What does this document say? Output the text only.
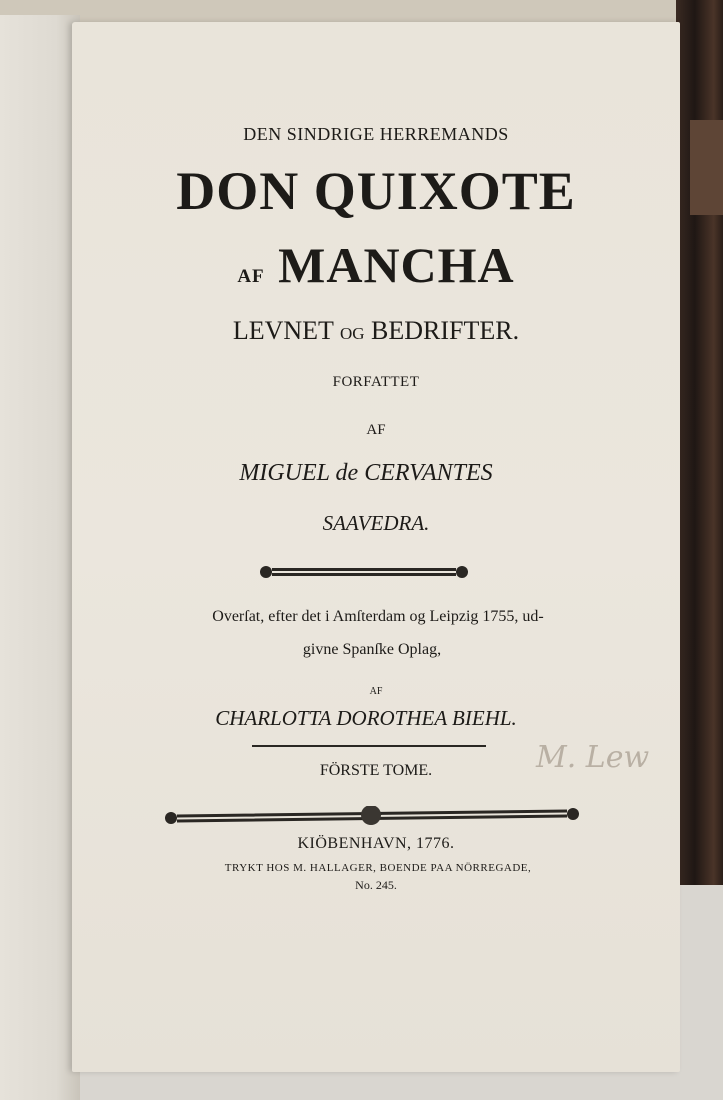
DEN SINDRIGE HERREMANDS
DON QUIXOTE
AF MANCHA
LEVNET OG BEDRIFTER.
FORFATTET
AF
MIGUEL de CERVANTES
SAAVEDRA.
Overſat, efter det i Amſterdam og Leipzig 1755, ud-
givne Spanſke Oplag,
AF
CHARLOTTA DOROTHEA BIEHL.
FÖRSTE TOME.	M. Lew
KIÖBENHAVN, 1776.
TRYKT HOS M. HALLAGER, BOENDE PAA NÖRREGADE,
No. 245.
